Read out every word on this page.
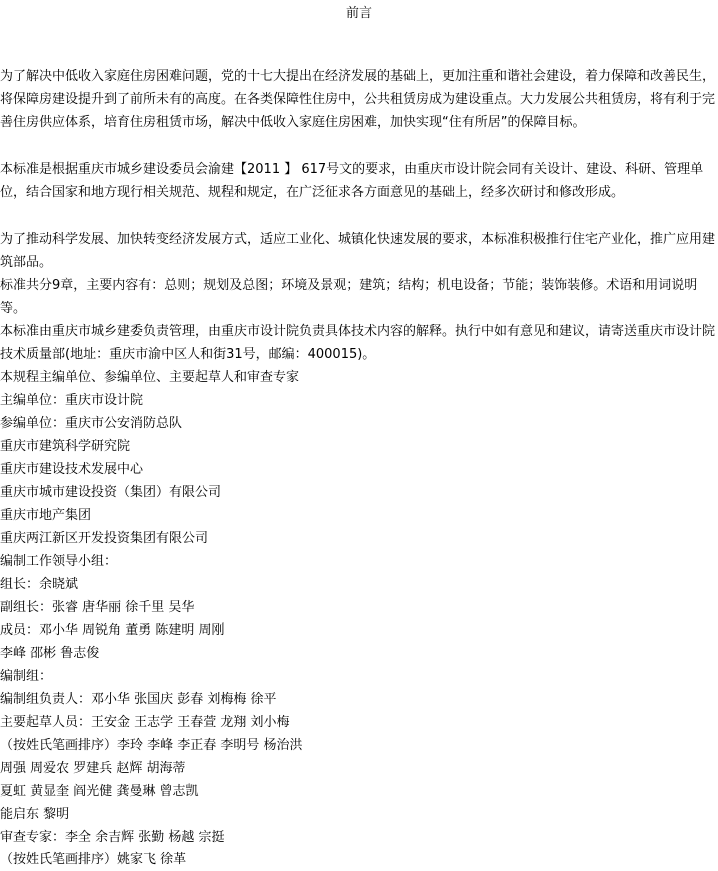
前言

为了解决中低收入家庭住房困难问题，党的十七大提出在经济发展的基础上，更加注重和谐社会建设，着力保障和改善民生，将保障房建设提升到了前所未有的高度。在各类保障性住房中，公共租赁房成为建设重点。大力发展公共租赁房，将有利于完善住房供应体系，培育住房租赁市场，解决中低收入家庭住房困难，加快实现“住有所居”的保障目标。

本标准是根据重庆市城乡建设委员会渝建【2011 】 617号文的要求，由重庆市设计院会同有关设计、建设、科研、管理单位，结合国家和地方现行相关规范、规程和规定，在广泛征求各方面意见的基础上，经多次研讨和修改形成。

为了推动科学发展、加快转变经济发展方式，适应工业化、城镇化快速发展的要求，本标准积极推行住宅产业化，推广应用建筑部品。

标准共分9章，主要内容有：总则；规划及总图；环境及景观；建筑；结构；机电设备；节能；装饰装修。术语和用词说明等。

本标准由重庆市城乡建委负责管理，由重庆市设计院负责具体技术内容的解释。执行中如有意见和建议，请寄送重庆市设计院技术质量部(地址：重庆市渝中区人和街31号，邮编：400015)。

本规程主编单位、参编单位、主要起草人和审查专家
主编单位：重庆市设计院
参编单位：重庆市公安消防总队
重庆市建筑科学研究院
重庆市建设技术发展中心
重庆市城市建设投资（集团）有限公司
重庆市地产集团
重庆两江新区开发投资集团有限公司
编制工作领导小组：
组长：余晓斌
副组长：张睿 唐华丽 徐千里 吴华
成员：邓小华 周锐角 董勇 陈建明 周刚
李峰 邵彬 鲁志俊
编制组：
编制组负责人：邓小华 张国庆 彭春 刘梅梅 徐平
主要起草人员：王安金 王志学 王春萱 龙翔 刘小梅
（按姓氏笔画排序）李玲 李峰 李正春 李明号 杨治洪
周强 周爱农 罗建兵 赵辉 胡海蒂
夏虹 黄显奎 阎光健 龚曼琳 曾志凯
能启东 黎明
审查专家：李全 余吉辉 张勤 杨越 宗挺
（按姓氏笔画排序）姚家飞 徐革
